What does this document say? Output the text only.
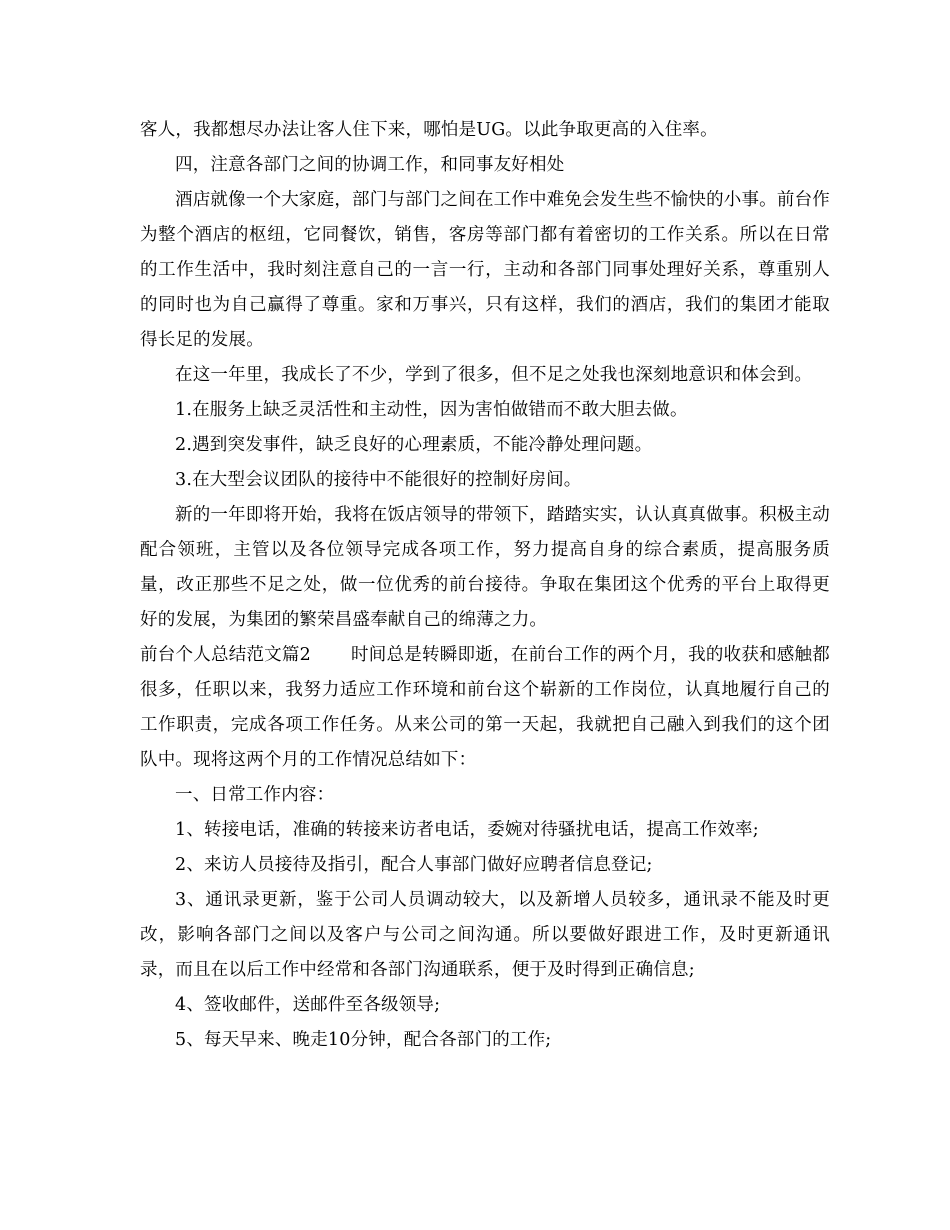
客人，我都想尽办法让客人住下来，哪怕是UG。以此争取更高的入住率。

四，注意各部门之间的协调工作，和同事友好相处

酒店就像一个大家庭，部门与部门之间在工作中难免会发生些不愉快的小事。前台作为整个酒店的枢纽，它同餐饮，销售，客房等部门都有着密切的工作关系。所以在日常的工作生活中，我时刻注意自己的一言一行，主动和各部门同事处理好关系，尊重别人的同时也为自己赢得了尊重。家和万事兴，只有这样，我们的酒店，我们的集团才能取得长足的发展。

在这一年里，我成长了不少，学到了很多，但不足之处我也深刻地意识和体会到。

1.在服务上缺乏灵活性和主动性，因为害怕做错而不敢大胆去做。

2.遇到突发事件，缺乏良好的心理素质，不能冷静处理问题。

3.在大型会议团队的接待中不能很好的控制好房间。

新的一年即将开始，我将在饭店领导的带领下，踏踏实实，认认真真做事。积极主动配合领班，主管以及各位领导完成各项工作，努力提高自身的综合素质，提高服务质量，改正那些不足之处，做一位优秀的前台接待。争取在集团这个优秀的平台上取得更好的发展，为集团的繁荣昌盛奉献自己的绵薄之力。

前台个人总结范文篇2 时间总是转瞬即逝，在前台工作的两个月，我的收获和感触都很多，任职以来，我努力适应工作环境和前台这个崭新的工作岗位，认真地履行自己的工作职责，完成各项工作任务。从来公司的第一天起，我就把自己融入到我们的这个团队中。现将这两个月的工作情况总结如下：

一、日常工作内容：

1、转接电话，准确的转接来访者电话，委婉对待骚扰电话，提高工作效率;

2、来访人员接待及指引，配合人事部门做好应聘者信息登记;

3、通讯录更新，鉴于公司人员调动较大，以及新增人员较多，通讯录不能及时更改，影响各部门之间以及客户与公司之间沟通。所以要做好跟进工作，及时更新通讯录，而且在以后工作中经常和各部门沟通联系，便于及时得到正确信息;

4、签收邮件，送邮件至各级领导;

5、每天早来、晚走10分钟，配合各部门的工作;
